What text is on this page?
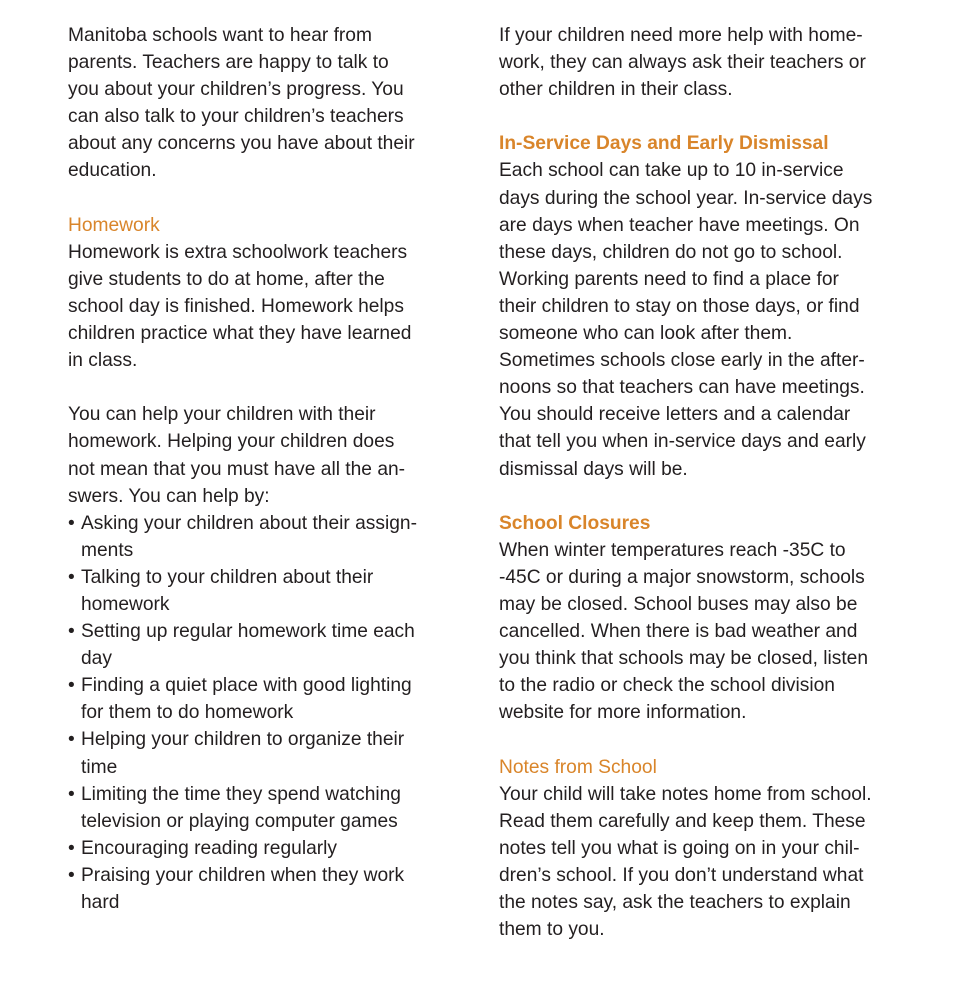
Manitoba schools want to hear from
parents. Teachers are happy to talk to
you about your children’s progress. You
can also talk to your children’s teachers
about any concerns you have about their
education.

Homework

Homework is extra schoolwork teachers
give students to do at home, after the
school day is finished. Homework helps
children practice what they have learned
in class.

You can help your children with their
homework. Helping your children does
not mean that you must have all the an-
swers. You can help by:

• Asking your children about their assign-
ments
• Talking to your children about their
homework
• Setting up regular homework time each
day
• Finding a quiet place with good lighting
for them to do homework
• Helping your children to organize their
time
• Limiting the time they spend watching
television or playing computer games
• Encouraging reading regularly
• Praising your children when they work
hard

If your children need more help with home-
work, they can always ask their teachers or
other children in their class.

In-Service Days and Early Dismissal

Each school can take up to 10 in-service
days during the school year. In-service days
are days when teacher have meetings. On
these days, children do not go to school.
Working parents need to find a place for
their children to stay on those days, or find
someone who can look after them.
Sometimes schools close early in the after-
noons so that teachers can have meetings.
You should receive letters and a calendar
that tell you when in-service days and early
dismissal days will be.

School Closures

When winter temperatures reach -35C to
-45C or during a major snowstorm, schools
may be closed. School buses may also be
cancelled. When there is bad weather and
you think that schools may be closed, listen
to the radio or check the school division
website for more information.

Notes from School

Your child will take notes home from school.
Read them carefully and keep them. These
notes tell you what is going on in your chil-
dren’s school. If you don’t understand what
the notes say, ask the teachers to explain
them to you.
